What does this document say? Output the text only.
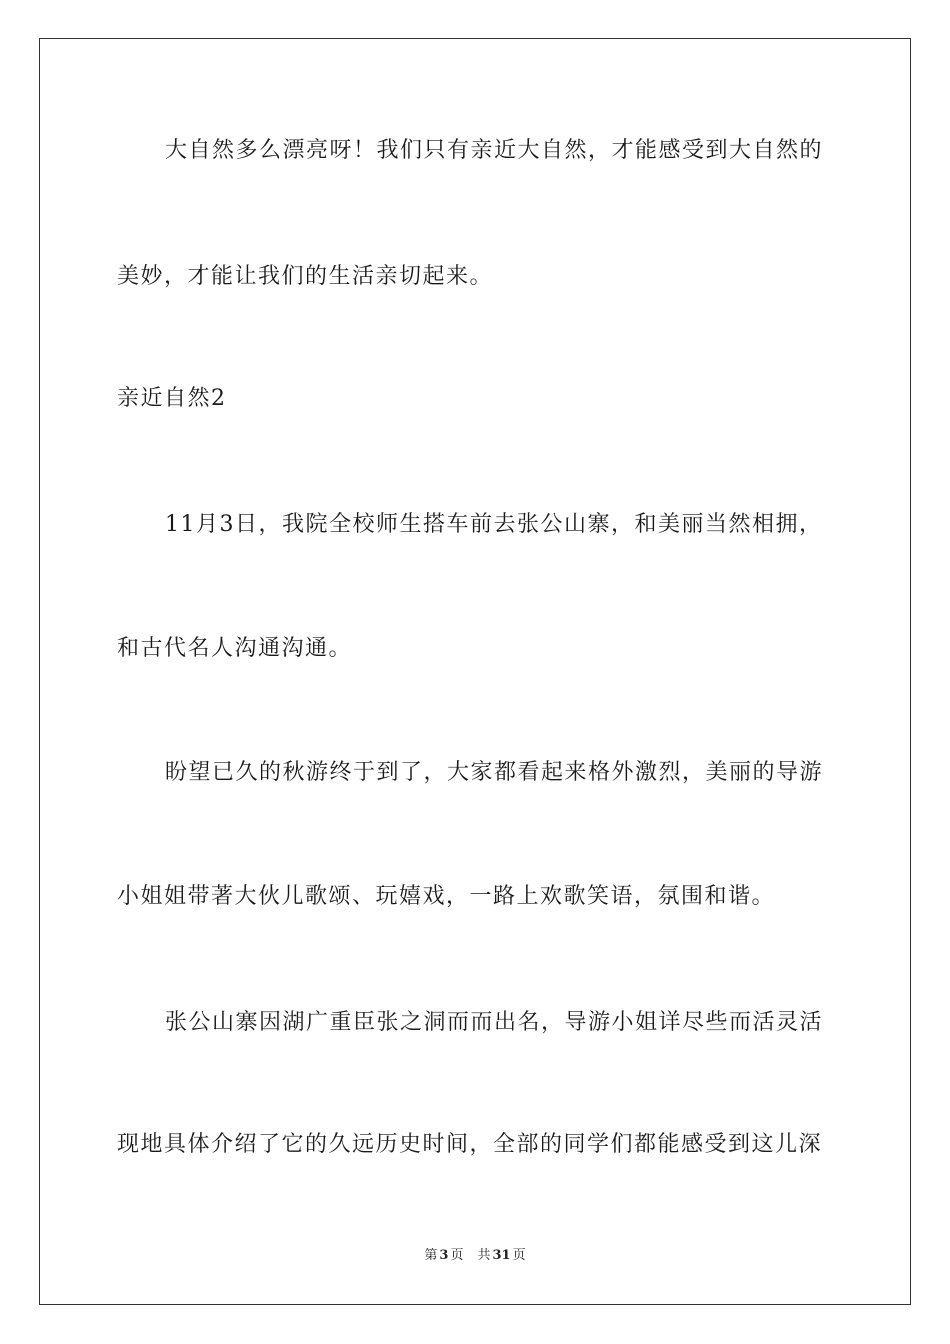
大自然多么漂亮呀！我们只有亲近大自然，才能感受到大自然的
美妙，才能让我们的生活亲切起来。
亲近自然2
11月3日，我院全校师生搭车前去张公山寨，和美丽当然相拥，
和古代名人沟通沟通。
盼望已久的秋游终于到了，大家都看起来格外激烈，美丽的导游
小姐姐带著大伙儿歌颂、玩嬉戏，一路上欢歌笑语，氛围和谐。
张公山寨因湖广重臣张之洞而而出名，导游小姐详尽些而活灵活
现地具体介绍了它的久远历史时间，全部的同学们都能感受到这儿深
第 3 页 共 31 页
